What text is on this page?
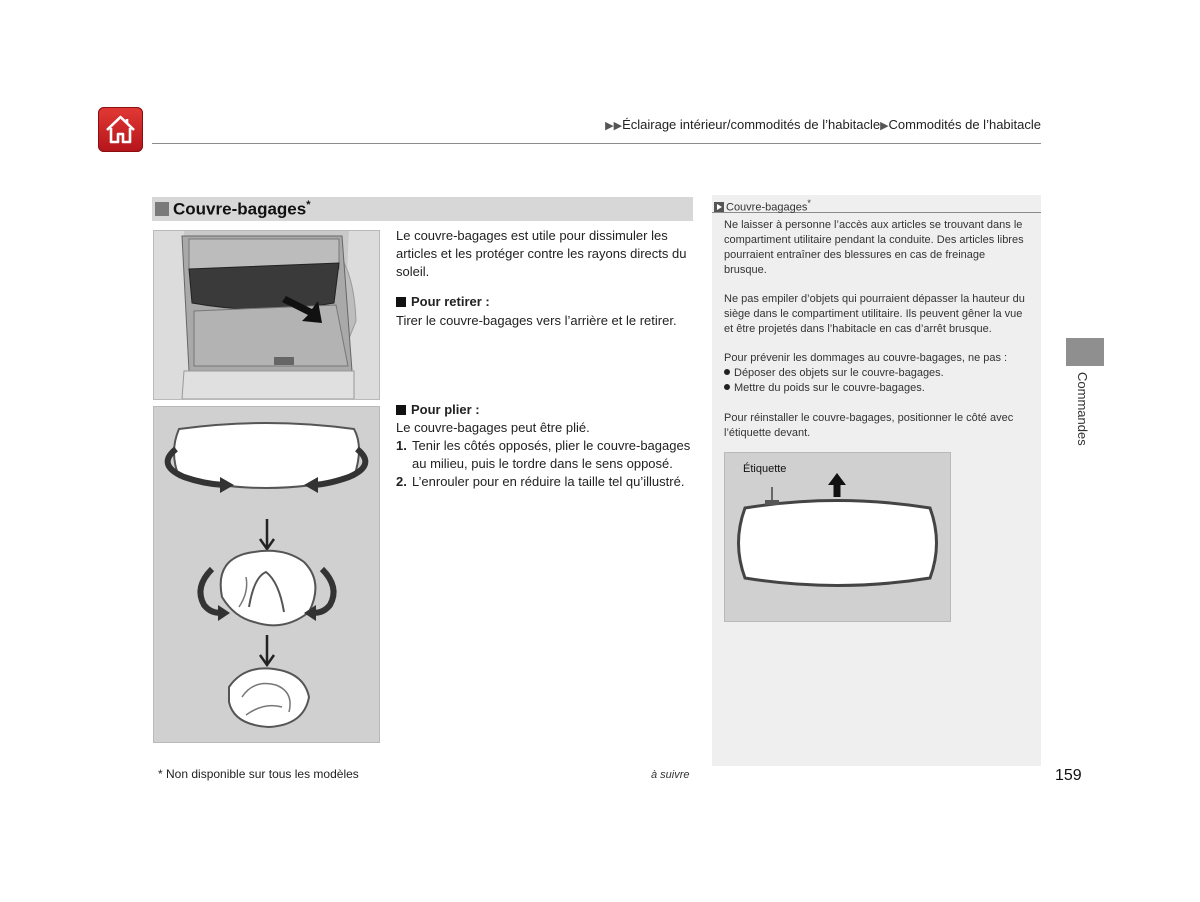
▶▶Éclairage intérieur/commodités de l’habitacle▶Commodités de l’habitacle
Couvre-bagages*
Le couvre-bagages est utile pour dissimuler les articles et les protéger contre les rayons directs du soleil.
Pour retirer :
Tirer le couvre-bagages vers l’arrière et le retirer.
Pour plier :
Le couvre-bagages peut être plié.
1. Tenir les côtés opposés, plier le couvre-bagages au milieu, puis le tordre dans le sens opposé.
2. L’enrouler pour en réduire la taille tel qu’illustré.
Couvre-bagages*
Ne laisser à personne l’accès aux articles se trouvant dans le compartiment utilitaire pendant la conduite. Des articles libres pourraient entraîner des blessures en cas de freinage brusque.
Ne pas empiler d’objets qui pourraient dépasser la hauteur du siège dans le compartiment utilitaire. Ils peuvent gêner la vue et être projetés dans l’habitacle en cas d’arrêt brusque.
Pour prévenir les dommages au couvre-bagages, ne pas :
Déposer des objets sur le couvre-bagages.
Mettre du poids sur le couvre-bagages.
Pour réinstaller le couvre-bagages, positionner le côté avec l’étiquette devant.
Étiquette
Commandes
* Non disponible sur tous les modèles	à suivre	159
